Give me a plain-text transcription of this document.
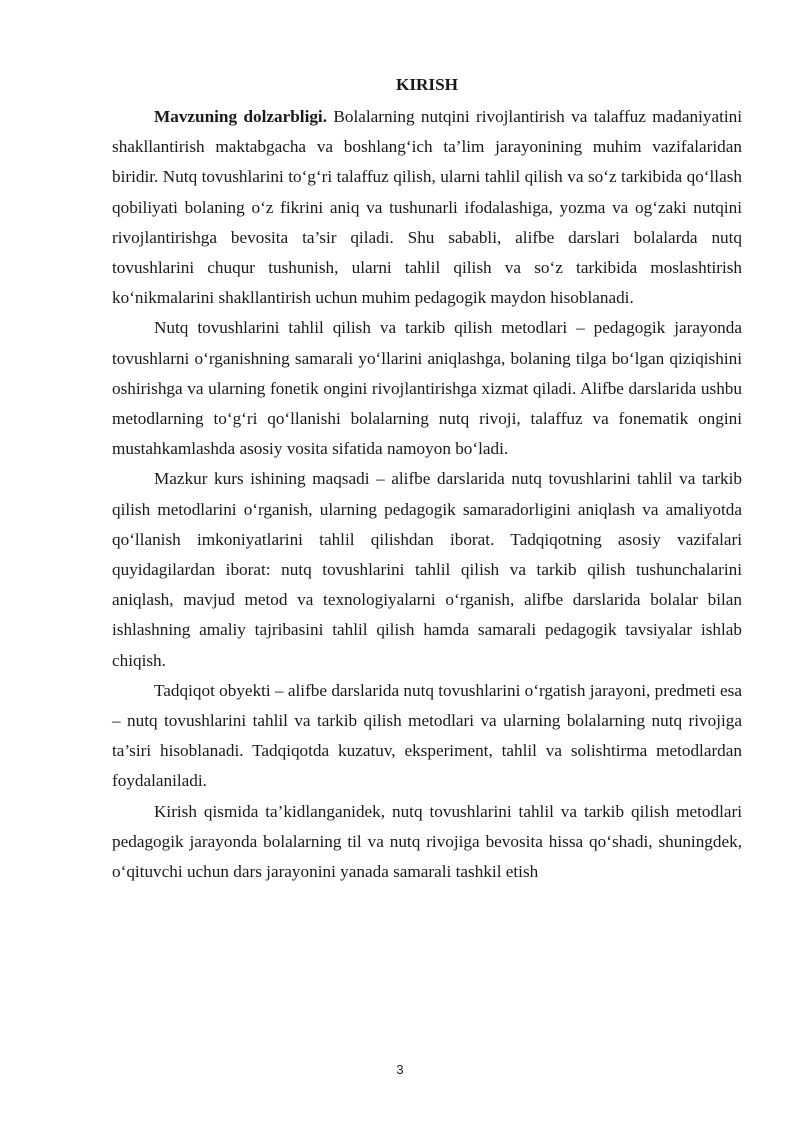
KIRISH

Mavzuning dolzarbligi. Bolalarning nutqini rivojlantirish va talaffuz madaniyatini shakllantirish maktabgacha va boshlang‘ich ta’lim jarayonining muhim vazifalaridan biridir. Nutq tovushlarini to‘g‘ri talaffuz qilish, ularni tahlil qilish va so‘z tarkibida qo‘llash qobiliyati bolaning o‘z fikrini aniq va tushunarli ifodalashiga, yozma va og‘zaki nutqini rivojlantirishga bevosita ta’sir qiladi. Shu sababli, alifbe darslari bolalarda nutq tovushlarini chuqur tushunish, ularni tahlil qilish va so‘z tarkibida moslashtirish ko‘nikmalarini shakllantirish uchun muhim pedagogik maydon hisoblanadi.

Nutq tovushlarini tahlil qilish va tarkib qilish metodlari – pedagogik jarayonda tovushlarni o‘rganishning samarali yo‘llarini aniqlashga, bolaning tilga bo‘lgan qiziqishini oshirishga va ularning fonetik ongini rivojlantirishga xizmat qiladi. Alifbe darslarida ushbu metodlarning to‘g‘ri qo‘llanishi bolalarning nutq rivoji, talaffuz va fonematik ongini mustahkamlashda asosiy vosita sifatida namoyon bo‘ladi.

Mazkur kurs ishining maqsadi – alifbe darslarida nutq tovushlarini tahlil va tarkib qilish metodlarini o‘rganish, ularning pedagogik samaradorligini aniqlash va amaliyotda qo‘llanish imkoniyatlarini tahlil qilishdan iborat. Tadqiqotning asosiy vazifalari quyidagilardan iborat: nutq tovushlarini tahlil qilish va tarkib qilish tushunchalarini aniqlash, mavjud metod va texnologiyalarni o‘rganish, alifbe darslarida bolalar bilan ishlashning amaliy tajribasini tahlil qilish hamda samarali pedagogik tavsiyalar ishlab chiqish.

Tadqiqot obyekti – alifbe darslarida nutq tovushlarini o‘rgatish jarayoni, predmeti esa – nutq tovushlarini tahlil va tarkib qilish metodlari va ularning bolalarning nutq rivojiga ta’siri hisoblanadi. Tadqiqotda kuzatuv, eksperiment, tahlil va solishtirma metodlardan foydalaniladi.

Kirish qismida ta’kidlanganidek, nutq tovushlarini tahlil va tarkib qilish metodlari pedagogik jarayonda bolalarning til va nutq rivojiga bevosita hissa qo‘shadi, shuningdek, o‘qituvchi uchun dars jarayonini yanada samarali tashkil etish

3
